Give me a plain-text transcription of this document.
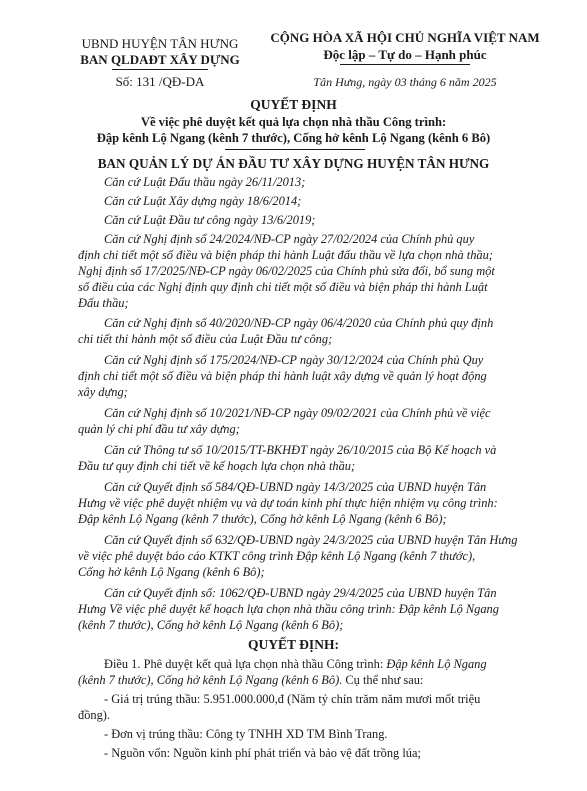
UBND HUYỆN TÂN HƯNG
BAN QLDAĐT XÂY DỰNG
Số: 131 /QĐ-DA
CỘNG HÒA XÃ HỘI CHỦ NGHĨA VIỆT NAM
Độc lập – Tự do – Hạnh phúc
Tân Hưng, ngày 03 tháng 6 năm 2025
QUYẾT ĐỊNH
Về việc phê duyệt kết quả lựa chọn nhà thầu Công trình:
Đập kênh Lộ Ngang (kênh 7 thước), Cống hở kênh Lộ Ngang (kênh 6 Bô)
BAN QUẢN LÝ DỰ ÁN ĐẦU TƯ XÂY DỰNG HUYỆN TÂN HƯNG
Căn cứ Luật Đấu thầu ngày 26/11/2013;
Căn cứ Luật Xây dựng ngày 18/6/2014;
Căn cứ Luật Đầu tư công ngày 13/6/2019;
Căn cứ Nghị định số 24/2024/NĐ-CP ngày 27/02/2024 của Chính phủ quy
định chi tiết một số điều và biện pháp thi hành Luật đấu thầu về lựa chọn nhà thầu;
Nghị định số 17/2025/NĐ-CP ngày 06/02/2025 của Chính phủ sửa đổi, bổ sung một
số điều của các Nghị định quy định chi tiết một số điều và biện pháp thi hành Luật
Đấu thầu;
Căn cứ Nghị định số 40/2020/NĐ-CP ngày 06/4/2020 của Chính phủ quy định
chi tiết thi hành một số điều của Luật Đầu tư công;
Căn cứ Nghị định số 175/2024/NĐ-CP ngày 30/12/2024 của Chính phủ Quy
định chi tiết một số điều và biện pháp thi hành luật xây dựng về quản lý hoạt động
xây dựng;
Căn cứ Nghị định số 10/2021/NĐ-CP ngày 09/02/2021 của Chính phủ về việc
quản lý chi phí đầu tư xây dựng;
Căn cứ Thông tư số 10/2015/TT-BKHĐT ngày 26/10/2015 của Bộ Kế hoạch và
Đầu tư quy định chi tiết về kế hoạch lựa chọn nhà thầu;
Căn cứ Quyết định số 584/QĐ-UBND ngày 14/3/2025 của UBND huyện Tân
Hưng về việc phê duyệt nhiệm vụ và dự toán kinh phí thực hiện nhiệm vụ công trình:
Đập kênh Lộ Ngang (kênh 7 thước), Cống hở kênh Lộ Ngang (kênh 6 Bô);
Căn cứ Quyết định số 632/QĐ-UBND ngày 24/3/2025 của UBND huyện Tân Hưng
về việc phê duyệt báo cáo KTKT công trình Đập kênh Lộ Ngang (kênh 7 thước),
Cống hở kênh Lộ Ngang (kênh 6 Bô);
Căn cứ Quyết định số: 1062/QĐ-UBND ngày 29/4/2025 của UBND huyện Tân
Hưng Về việc phê duyệt kế hoạch lựa chọn nhà thầu công trình: Đập kênh Lộ Ngang
(kênh 7 thước), Cống hở kênh Lộ Ngang (kênh 6 Bô);
QUYẾT ĐỊNH:
Điều 1. Phê duyệt kết quả lựa chọn nhà thầu Công trình: Đập kênh Lộ Ngang
(kênh 7 thước), Cống hở kênh Lộ Ngang (kênh 6 Bô). Cụ thể như sau:
- Giá trị trúng thầu: 5.951.000.000,đ (Năm tỷ chín trăm năm mươi mốt triệu
đồng).
- Đơn vị trúng thầu: Công ty TNHH XD TM Bình Trang.
- Nguồn vốn: Nguồn kinh phí phát triển và bảo vệ đất trồng lúa;
